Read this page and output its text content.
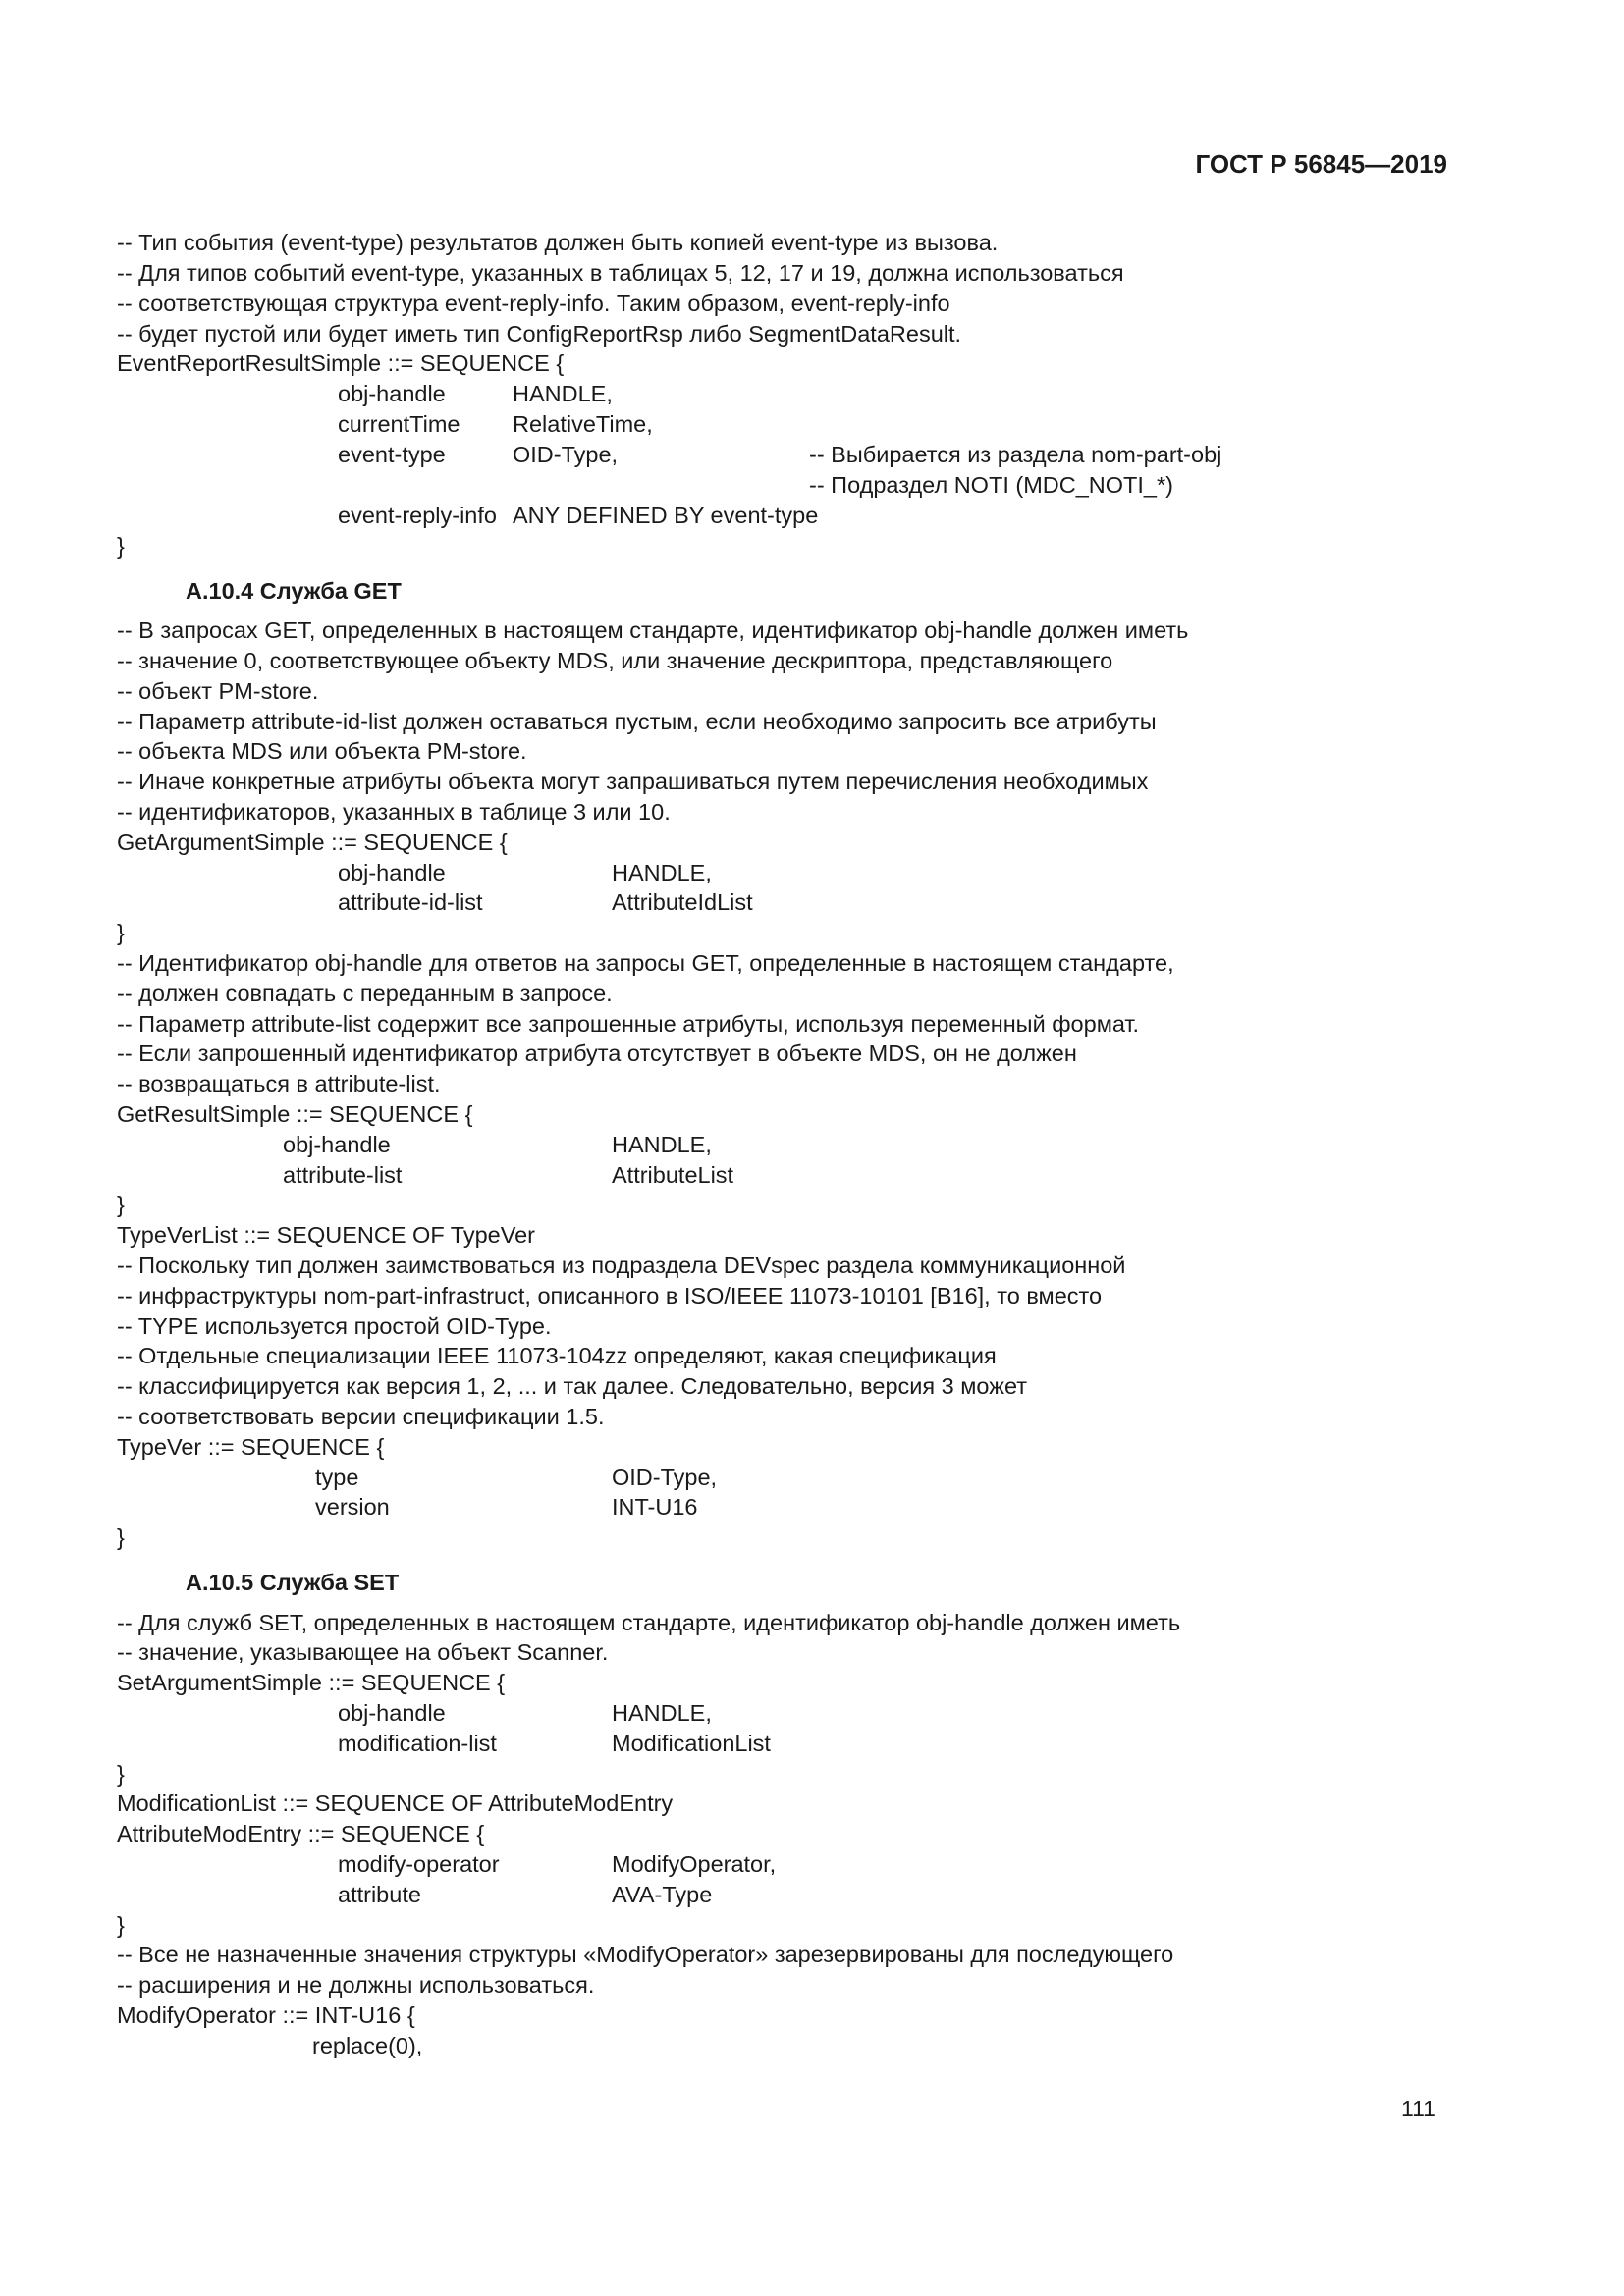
ГОСТ Р 56845—2019
-- Тип события (event-type) результатов должен быть копией event-type из вызова.
-- Для типов событий event-type, указанных в таблицах 5, 12, 17 и 19, должна использоваться
-- соответствующая структура event-reply-info. Таким образом, event-reply-info
-- будет пустой или будет иметь тип ConfigReportRsp либо SegmentDataResult.
EventReportResultSimple ::= SEQUENCE {
obj-handle	HANDLE,
currentTime RelativeTime,
event-type	OID-Type,	-- Выбирается из раздела nom-part-obj
-- Подраздел NOTI (MDC_NOTI_*)
event-reply-info ANY DEFINED BY event-type
}
А.10.4 Служба GET
-- В запросах GET, определенных в настоящем стандарте, идентификатор obj-handle должен иметь
-- значение 0, соответствующее объекту MDS, или значение дескриптора, представляющего
-- объект PM-store.
-- Параметр attribute-id-list должен оставаться пустым, если необходимо запросить все атрибуты
-- объекта MDS или объекта PM-store.
-- Иначе конкретные атрибуты объекта могут запрашиваться путем перечисления необходимых
-- идентификаторов, указанных в таблице 3 или 10.
GetArgumentSimple ::= SEQUENCE {
obj-handle	HANDLE,
attribute-id-list	AttributeIdList
}
-- Идентификатор obj-handle для ответов на запросы GET, определенные в настоящем стандарте,
-- должен совпадать с переданным в запросе.
-- Параметр attribute-list содержит все запрошенные атрибуты, используя переменный формат.
-- Если запрошенный идентификатор атрибута отсутствует в объекте MDS, он не должен
-- возвращаться в attribute-list.
GetResultSimple ::= SEQUENCE {
obj-handle	HANDLE,
attribute-list	AttributeList
}
TypeVerList ::= SEQUENCE OF TypeVer
-- Поскольку тип должен заимствоваться из подраздела DEVspec раздела коммуникационной
-- инфраструктуры nom-part-infrastruct, описанного в ISO/IEEE 11073-10101 [B16], то вместо
-- TYPE используется простой OID-Type.
-- Отдельные специализации IEEE 11073-104zz определяют, какая спецификация
-- классифицируется как версия 1, 2, ... и так далее. Следовательно, версия 3 может
-- соответствовать версии спецификации 1.5.
TypeVer ::= SEQUENCE {
type	OID-Type,
version	INT-U16
}
А.10.5 Служба SET
-- Для служб SET, определенных в настоящем стандарте, идентификатор obj-handle должен иметь
-- значение, указывающее на объект Scanner.
SetArgumentSimple ::= SEQUENCE {
obj-handle	HANDLE,
modification-list	ModificationList
}
ModificationList ::= SEQUENCE OF AttributeModEntry
AttributeModEntry ::= SEQUENCE {
modify-operator	ModifyOperator,
attribute	AVA-Type
}
-- Все не назначенные значения структуры «ModifyOperator» зарезервированы для последующего
-- расширения и не должны использоваться.
ModifyOperator ::= INT-U16 {
replace(0),
111
